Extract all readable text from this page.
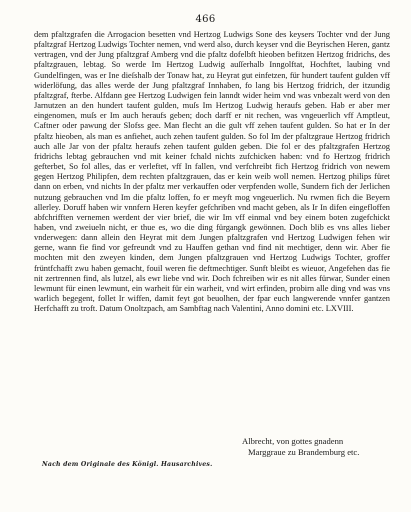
466

dem pfaltzgrafen die Arrogacion besetten vnd Hertzog Ludwigs Sone des keysers Tochter vnd der Jung pfaltzgraf Hertzog Ludwigs Tochter nemen, vnd werd also, durch keyser vnd die Beyrischen Heren, gantz vertragen, vnd der Jung pfaltzgraf Amberg vnd die pfaltz dofelbft hieoben befitzen Hertzog fridrichs, des pfaltzgrauen, lebtag. So werde Im Hertzog Ludwig auſſerhalb Inngolftat, Hochftet, laubing vnd Gundelfingen, was er Ine dieſshalb der Tonaw hat, zu Heyrat gut einfetzen, für hundert taufent gulden vff widerlöfung, das alles werde der Jung pfaltzgraf Innhaben, fo lang bis Hertzog fridrich, der itzundig pfaltzgraf, fterbe. Alfdann gee Hertzog Ludwigen fein lanndt wider heim vnd was vnbezalt werd von den Jarnutzen an den hundert taufent gulden, muſs Im Hertzog Ludwig heraufs geben. Hab er aber mer eingenomen, muſs er Im auch heraufs geben; doch darff er nit rechen, was vngeuerlich vff Amptleut, Caftner oder pawung der Slofss gee. Man flecht an die gult vff zehen taufent gulden. So hat er In der pfaltz hieoben, als man es anfiehet, auch zehen taufent gulden. So fol Im der pfaltzgraue Hertzog fridrich auch alle Jar von der pfaltz heraufs zehen taufent gulden geben. Die fol er des pfaltzgrafen Hertzog fridrichs lebtag gebrauchen vnd mit keiner fchald nichts zufchicken haben: vnd fo Hertzog fridrich gefterbet, So fol alles, das er verleftet, vff In fallen, vnd verfchreibt fich Hertzog fridrich von newem gegen Hertzog Philipfen, dem rechten pfaltzgrauen, das er kein weib woll nemen. Hertzog philips füret dann on erben, vnd nichts In der pfaltz mer verkauffen oder verpfenden wolle, Sundern fich der Jerlichen nutzung gebrauchen vnd Im die pfaltz loffen, fo er meyft mog vngeuerlich. Nu rwmen fich die Beyern allerley. Doruff haben wir vnnfern Heren keyfer gefchriben vnd macht geben, als Ir In difen eingefloffen abfchrifften vernemen werdent der vier brief, die wir Im vff einmal vnd bey einem boten zugefchickt haben, vnd zweiueln nicht, er thue es, wo die ding fürgangk gewönnen. Doch blib es vns alles lieber vnderwegen: dann allein den Heyrat mit dem Jungen pfaltzgrafen vnd Hertzog Ludwigen fehen wir gerne, wann fie find vor gefreundt vnd zu Hauffen gethan vnd find nit mechtiger, denn wir. Aber fie mochten mit den zweyen kinden, dem Jungen pfaltzgrauen vnd Hertzog Ludwigs Tochter, groffer früntfchafft zwu haben gemacht, fouil weren fie deftmechtiger. Sunft bleibt es wieuor, Angefehen das fie nit zertrennen find, als lutzel, als ewr liebe vnd wir. Doch fchreiben wir es nit alles fürwar, Sunder einen lewmunt für einen lewmunt, ein warheit für ein warheit, vnd wirt erfinden, probirn alle ding vnd was vns warlich begegent, follet Ir wiffen, damit feyt got beuolhen, der fpar euch langwerende vnnfer gantzen Herfchafft zu troft. Datum Onoltzpach, am Sambftag nach Valentini, Anno domini etc. LXVIII.

Albrecht, von gottes gnadenn
Marggraue zu Brandemburg etc.
Nach dem Originale des Königl. Hausarchives.
